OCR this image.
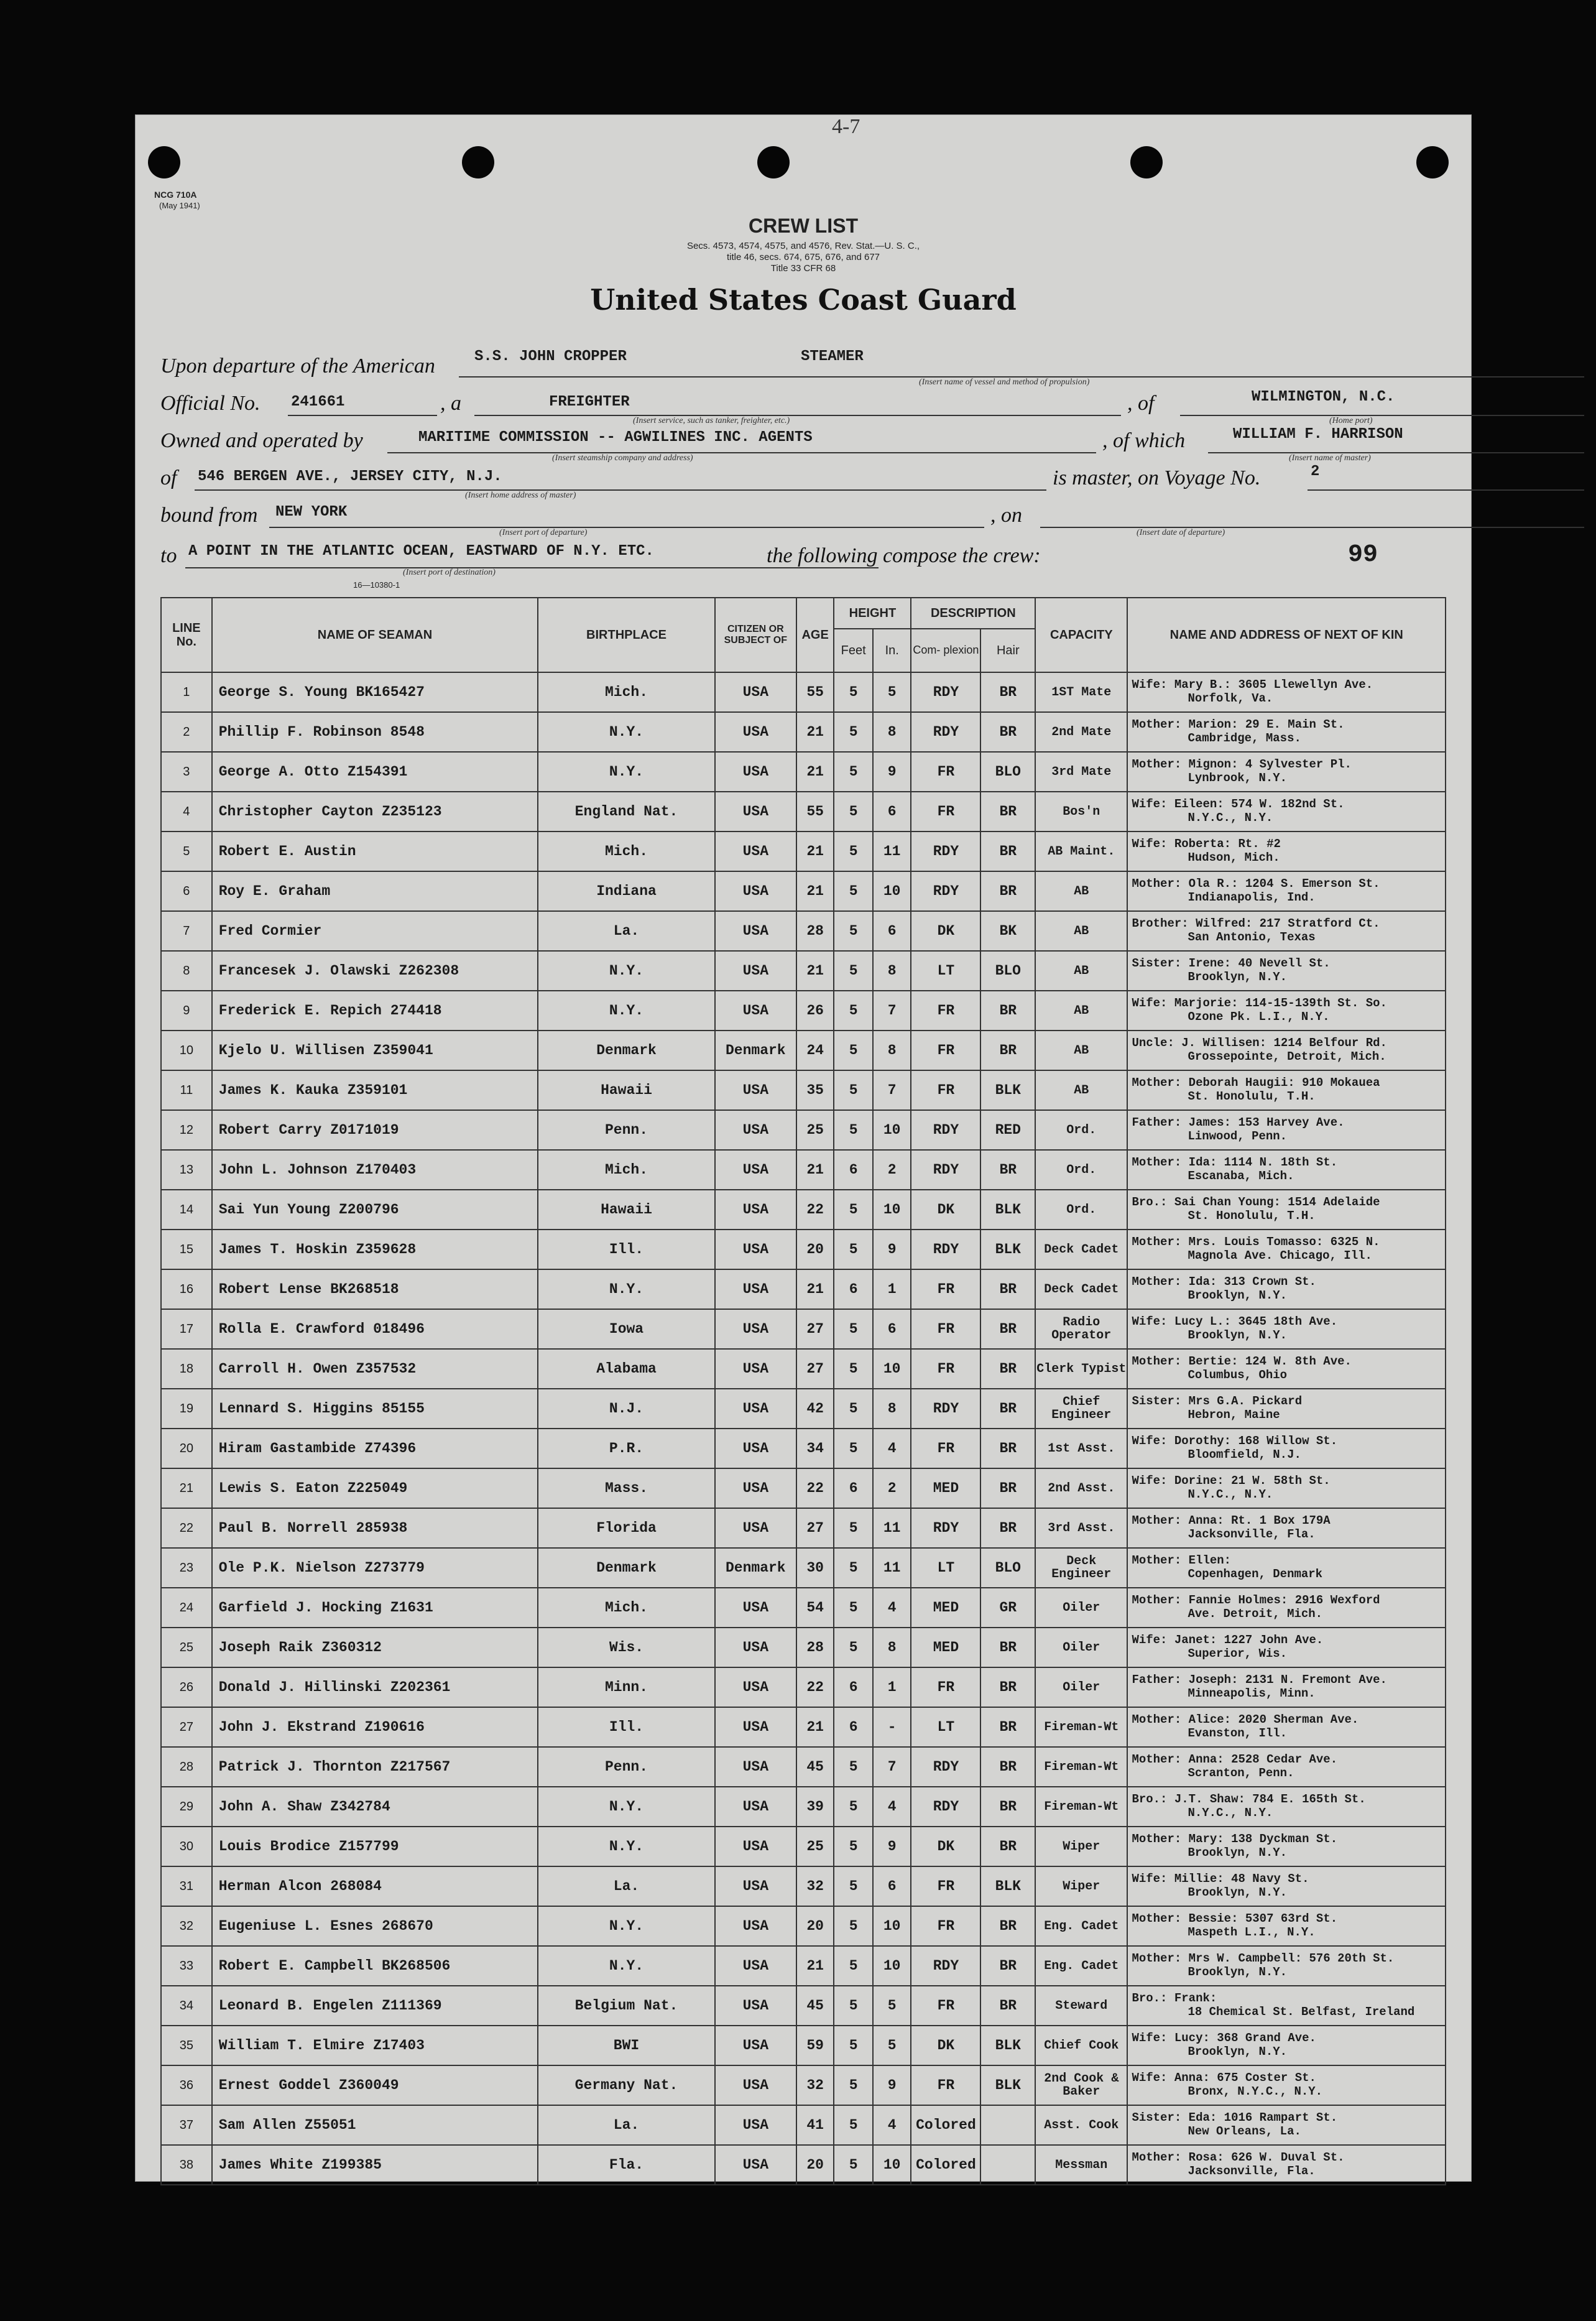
NCG 710A
(May 1941)
4-7
CREW LIST
Secs. 4573, 4574, 4575, and 4576, Rev. Stat.—U. S. C.,
title 46, secs. 674, 675, 676, and 677
Title 33 CFR 68
United States Coast Guard
Upon departure of the American	S.S. JOHN CROPPER	STEAMER
(Insert name of vessel and method of propulsion)
Official No. 241661	, a	FREIGHTER
(Insert service, such as tanker, freighter, etc.)
, of	WILMINGTON, N.C.
(Home port)
Owned and operated by	MARITIME COMMISSION -- AGWILINES INC. AGENTS
(Insert steamship company and address)
, of which	WILLIAM F. HARRISON
(Insert name of master)
of 546 BERGEN AVE., JERSEY CITY, N.J.
(Insert home address of master)
is master, on Voyage No.	2
bound from NEW YORK
(Insert port of departure)
, on
(Insert date of departure)
to A POINT IN THE ATLANTIC OCEAN, EASTWARD OF N.Y. ETC.
(Insert port of destination)
the following compose the crew:	99
16—10380-1
LINE No.	NAME OF SEAMAN	BIRTHPLACE	CITIZEN OR SUBJECT OF	AGE	HEIGHT		DESCRIPTION		CAPACITY	NAME AND ADDRESS OF NEXT OF KIN
					Feet	In.	Com- plexion	Hair		
1	George S. Young BK165427	Mich.	USA	55	5	5	RDY	BR	1ST Mate	Wife: Mary B.: 3605 Llewellyn Ave.
Norfolk, Va.

2	Phillip F. Robinson 8548	N.Y.	USA	21	5	8	RDY	BR	2nd Mate	Mother: Marion: 29 E. Main St.
Cambridge, Mass.

3	George A. Otto Z154391	N.Y.	USA	21	5	9	FR	BLO	3rd Mate	Mother: Mignon: 4 Sylvester Pl.
Lynbrook, N.Y.

4	Christopher Cayton Z235123	England Nat.	USA	55	5	6	FR	BR	Bos'n	Wife: Eileen: 574 W. 182nd St.
N.Y.C., N.Y.

5	Robert E. Austin	Mich.	USA	21	5	11	RDY	BR	AB Maint.	Wife: Roberta: Rt. #2
Hudson, Mich.

6	Roy E. Graham	Indiana	USA	21	5	10	RDY	BR	AB	Mother: Ola R.: 1204 S. Emerson St.
Indianapolis, Ind.

7	Fred Cormier	La.	USA	28	5	6	DK	BK	AB	Brother: Wilfred: 217 Stratford Ct.
San Antonio, Texas

8	Francesek J. Olawski Z262308	N.Y.	USA	21	5	8	LT	BLO	AB	Sister: Irene: 40 Nevell St.
Brooklyn, N.Y.

9	Frederick E. Repich 274418	N.Y.	USA	26	5	7	FR	BR	AB	Wife: Marjorie: 114-15-139th St. So.
Ozone Pk. L.I., N.Y.

10	Kjelo U. Willisen Z359041	Denmark	Denmark	24	5	8	FR	BR	AB	Uncle: J. Willisen: 1214 Belfour Rd.
Grossepointe, Detroit, Mich.

11	James K. Kauka Z359101	Hawaii	USA	35	5	7	FR	BLK	AB	Mother: Deborah Haugii: 910 Mokauea
St. Honolulu, T.H.

12	Robert Carry Z0171019	Penn.	USA	25	5	10	RDY	RED	Ord.	Father: James: 153 Harvey Ave.
Linwood, Penn.

13	John L. Johnson Z170403	Mich.	USA	21	6	2	RDY	BR	Ord.	Mother: Ida: 1114 N. 18th St.
Escanaba, Mich.

14	Sai Yun Young Z200796	Hawaii	USA	22	5	10	DK	BLK	Ord.	Bro.: Sai Chan Young: 1514 Adelaide
St. Honolulu, T.H.

15	James T. Hoskin Z359628	Ill.	USA	20	5	9	RDY	BLK	Deck Cadet	Mother: Mrs. Louis Tomasso: 6325 N.
Magnola Ave. Chicago, Ill.

16	Robert Lense BK268518	N.Y.	USA	21	6	1	FR	BR	Deck Cadet	Mother: Ida: 313 Crown St.
Brooklyn, N.Y.

17	Rolla E. Crawford 018496	Iowa	USA	27	5	6	FR	BR	Radio Operator	Wife: Lucy L.: 3645 18th Ave.
Brooklyn, N.Y.

18	Carroll H. Owen Z357532	Alabama	USA	27	5	10	FR	BR	Clerk Typist	Mother: Bertie: 124 W. 8th Ave.
Columbus, Ohio

19	Lennard S. Higgins 85155	N.J.	USA	42	5	8	RDY	BR	Chief Engineer	Sister: Mrs G.A. Pickard
Hebron, Maine

20	Hiram Gastambide Z74396	P.R.	USA	34	5	4	FR	BR	1st Asst.	Wife: Dorothy: 168 Willow St.
Bloomfield, N.J.

21	Lewis S. Eaton Z225049	Mass.	USA	22	6	2	MED	BR	2nd Asst.	Wife: Dorine: 21 W. 58th St.
N.Y.C., N.Y.

22	Paul B. Norrell 285938	Florida	USA	27	5	11	RDY	BR	3rd Asst.	Mother: Anna: Rt. 1 Box 179A
Jacksonville, Fla.

23	Ole P.K. Nielson Z273779	Denmark	Denmark	30	5	11	LT	BLO	Deck Engineer	Mother: Ellen:
Copenhagen, Denmark

24	Garfield J. Hocking Z1631	Mich.	USA	54	5	4	MED	GR	Oiler	Mother: Fannie Holmes: 2916 Wexford
Ave. Detroit, Mich.

25	Joseph Raik Z360312	Wis.	USA	28	5	8	MED	BR	Oiler	Wife: Janet: 1227 John Ave.
Superior, Wis.

26	Donald J. Hillinski Z202361	Minn.	USA	22	6	1	FR	BR	Oiler	Father: Joseph: 2131 N. Fremont Ave.
Minneapolis, Minn.

27	John J. Ekstrand Z190616	Ill.	USA	21	6	-	LT	BR	Fireman-Wt	Mother: Alice: 2020 Sherman Ave.
Evanston, Ill.

28	Patrick J. Thornton Z217567	Penn.	USA	45	5	7	RDY	BR	Fireman-Wt	Mother: Anna: 2528 Cedar Ave.
Scranton, Penn.

29	John A. Shaw Z342784	N.Y.	USA	39	5	4	RDY	BR	Fireman-Wt	Bro.: J.T. Shaw: 784 E. 165th St.
N.Y.C., N.Y.

30	Louis Brodice Z157799	N.Y.	USA	25	5	9	DK	BR	Wiper	Mother: Mary: 138 Dyckman St.
Brooklyn, N.Y.

31	Herman Alcon 268084	La.	USA	32	5	6	FR	BLK	Wiper	Wife: Millie: 48 Navy St.
Brooklyn, N.Y.

32	Eugeniuse L. Esnes 268670	N.Y.	USA	20	5	10	FR	BR	Eng. Cadet	Mother: Bessie: 5307 63rd St.
Maspeth L.I., N.Y.

33	Robert E. Campbell BK268506	N.Y.	USA	21	5	10	RDY	BR	Eng. Cadet	Mother: Mrs W. Campbell: 576 20th St.
Brooklyn, N.Y.

34	Leonard B. Engelen Z111369	Belgium Nat.	USA	45	5	5	FR	BR	Steward	Bro.: Frank:
18 Chemical St. Belfast, Ireland

35	William T. Elmire Z17403	BWI	USA	59	5	5	DK	BLK	Chief Cook	Wife: Lucy: 368 Grand Ave.
Brooklyn, N.Y.

36	Ernest Goddel Z360049	Germany Nat.	USA	32	5	9	FR	BLK	2nd Cook & Baker	Wife: Anna: 675 Coster St.
Bronx, N.Y.C., N.Y.

37	Sam Allen Z55051	La.	USA	41	5	4	Colored		Asst. Cook	Sister: Eda: 1016 Rampart St.
New Orleans, La.

38	James White Z199385	Fla.	USA	20	5	10	Colored		Messman	Mother: Rosa: 626 W. Duval St.
Jacksonville, Fla.
